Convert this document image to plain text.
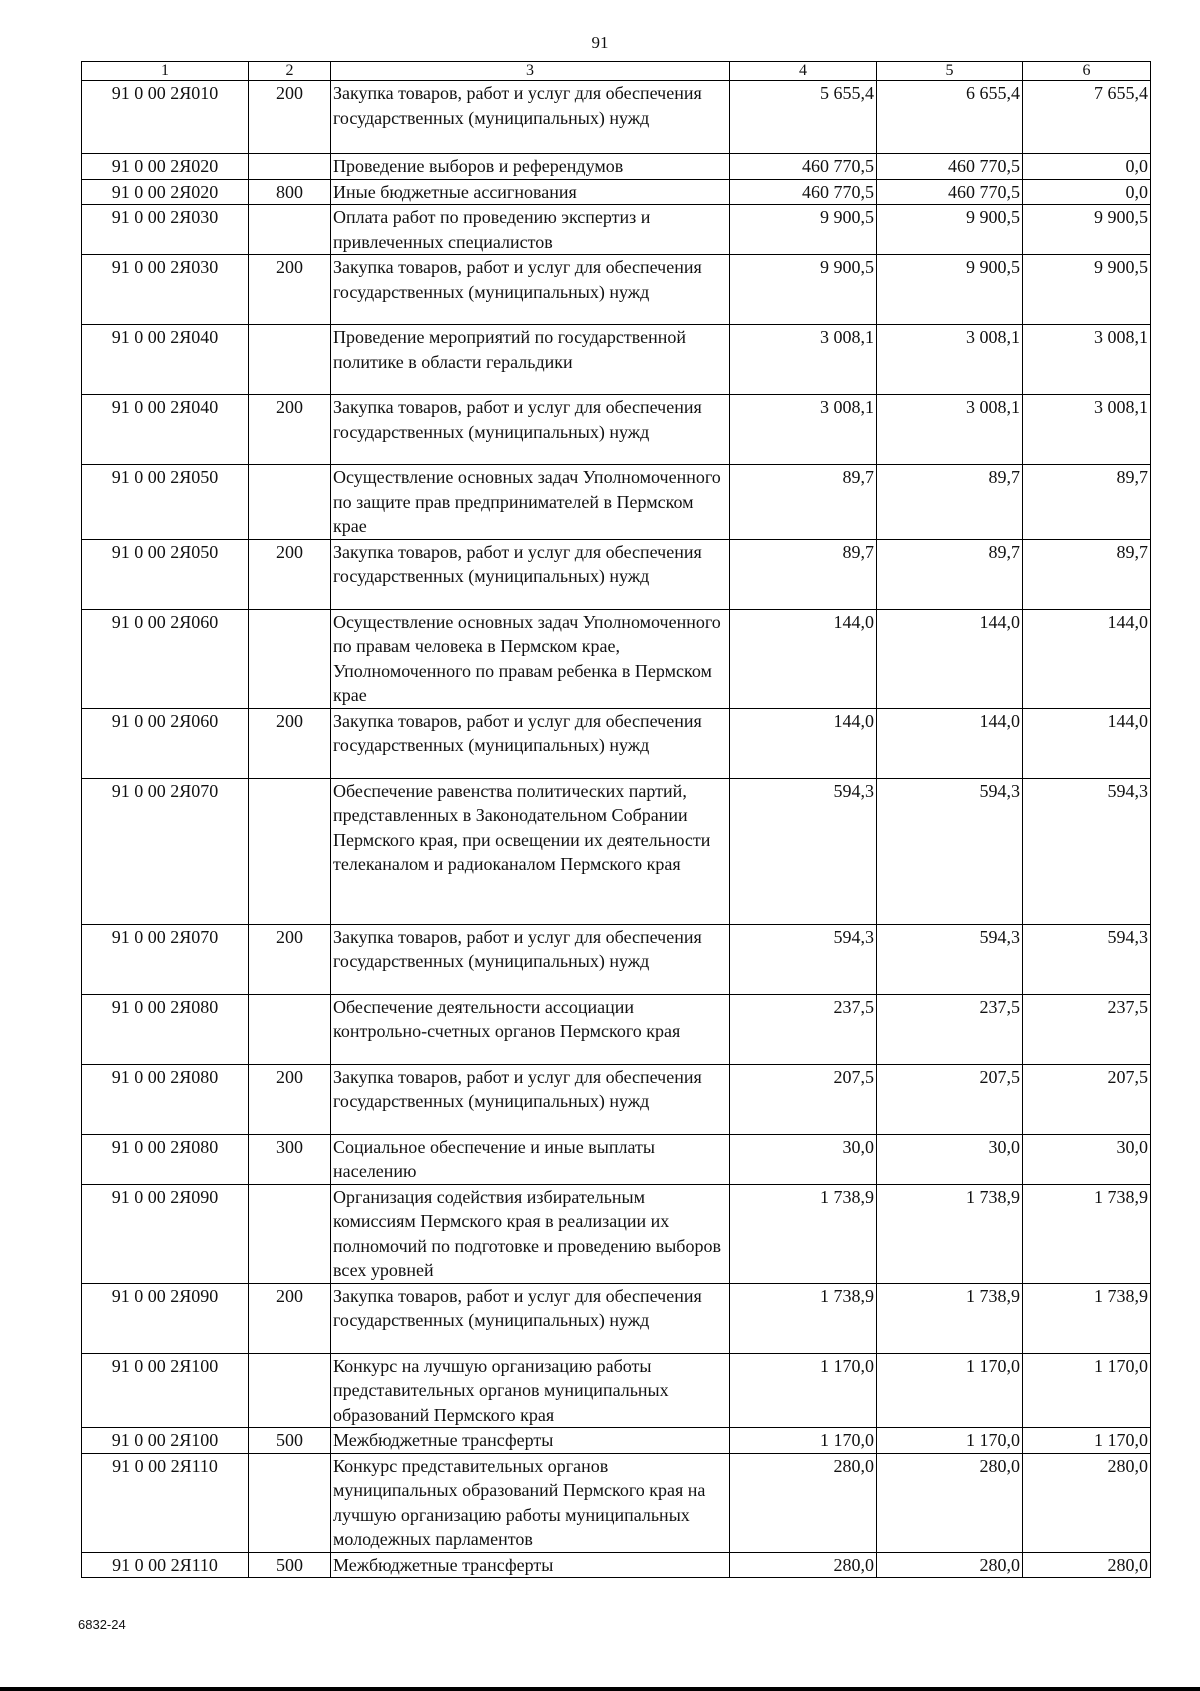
91
1	2	3	4	5	6
91 0 00 2Я010	200	Закупка товаров, работ и услуг для обеспечения государственных (муниципальных) нужд	5 655,4	6 655,4	7 655,4
91 0 00 2Я020		Проведение выборов и референдумов	460 770,5	460 770,5	0,0
91 0 00 2Я020	800	Иные бюджетные ассигнования	460 770,5	460 770,5	0,0
91 0 00 2Я030		Оплата работ по проведению экспертиз и привлеченных специалистов	9 900,5	9 900,5	9 900,5
91 0 00 2Я030	200	Закупка товаров, работ и услуг для обеспечения государственных (муниципальных) нужд	9 900,5	9 900,5	9 900,5
91 0 00 2Я040		Проведение мероприятий по государственной политике в области геральдики	3 008,1	3 008,1	3 008,1
91 0 00 2Я040	200	Закупка товаров, работ и услуг для обеспечения государственных (муниципальных) нужд	3 008,1	3 008,1	3 008,1
91 0 00 2Я050		Осуществление основных задач Уполномоченного по защите прав предпринимателей в Пермском крае	89,7	89,7	89,7
91 0 00 2Я050	200	Закупка товаров, работ и услуг для обеспечения государственных (муниципальных) нужд	89,7	89,7	89,7
91 0 00 2Я060		Осуществление основных задач Уполномоченного по правам человека в Пермском крае, Уполномоченного по правам ребенка в Пермском крае	144,0	144,0	144,0
91 0 00 2Я060	200	Закупка товаров, работ и услуг для обеспечения государственных (муниципальных) нужд	144,0	144,0	144,0
91 0 00 2Я070		Обеспечение равенства политических партий, представленных в Законодательном Собрании Пермского края, при освещении их деятельности телеканалом и радиоканалом Пермского края	594,3	594,3	594,3
91 0 00 2Я070	200	Закупка товаров, работ и услуг для обеспечения государственных (муниципальных) нужд	594,3	594,3	594,3
91 0 00 2Я080		Обеспечение деятельности ассоциации контрольно-счетных органов Пермского края	237,5	237,5	237,5
91 0 00 2Я080	200	Закупка товаров, работ и услуг для обеспечения государственных (муниципальных) нужд	207,5	207,5	207,5
91 0 00 2Я080	300	Социальное обеспечение и иные выплаты населению	30,0	30,0	30,0
91 0 00 2Я090		Организация содействия избирательным комиссиям Пермского края в реализации их полномочий по подготовке и проведению выборов всех уровней	1 738,9	1 738,9	1 738,9
91 0 00 2Я090	200	Закупка товаров, работ и услуг для обеспечения государственных (муниципальных) нужд	1 738,9	1 738,9	1 738,9
91 0 00 2Я100		Конкурс на лучшую организацию работы представительных органов муниципальных образований Пермского края	1 170,0	1 170,0	1 170,0
91 0 00 2Я100	500	Межбюджетные трансферты	1 170,0	1 170,0	1 170,0
91 0 00 2Я110		Конкурс представительных органов муниципальных образований Пермского края на лучшую организацию работы муниципальных молодежных парламентов	280,0	280,0	280,0
91 0 00 2Я110	500	Межбюджетные трансферты	280,0	280,0	280,0
6832-24
